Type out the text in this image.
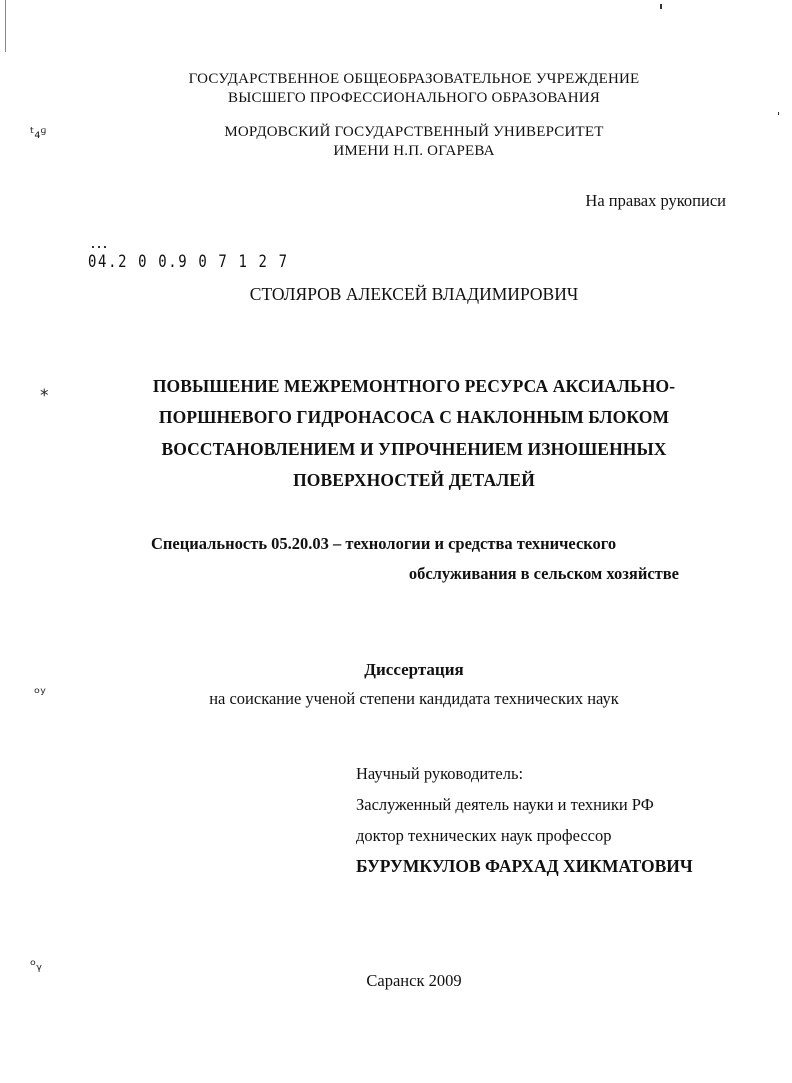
ᵗ₄ᶢ
*
ᵒʸ
ᵒᵧ
ГОСУДАРСТВЕННОЕ ОБЩЕОБРАЗОВАТЕЛЬНОЕ УЧРЕЖДЕНИЕ
ВЫСШЕГО ПРОФЕССИОНАЛЬНОГО ОБРАЗОВАНИЯ
МОРДОВСКИЙ ГОСУДАРСТВЕННЫЙ УНИВЕРСИТЕТ
ИМЕНИ Н.П. ОГАРЕВА
На правах рукописи
04.2 0 0.9 0 7 1 2 7
СТОЛЯРОВ АЛЕКСЕЙ ВЛАДИМИРОВИЧ
ПОВЫШЕНИЕ МЕЖРЕМОНТНОГО РЕСУРСА АКСИАЛЬНО-
ПОРШНЕВОГО ГИДРОНАСОСА С НАКЛОННЫМ БЛОКОМ
ВОССТАНОВЛЕНИЕМ И УПРОЧНЕНИЕМ ИЗНОШЕННЫХ
ПОВЕРХНОСТЕЙ ДЕТАЛЕЙ
Специальность 05.20.03 – технологии и средства технического
обслуживания в сельском хозяйстве
Диссертация
на соискание ученой степени кандидата технических наук
Научный руководитель:
Заслуженный деятель науки и техники РФ
доктор технических наук профессор
БУРУМКУЛОВ ФАРХАД ХИКМАТОВИЧ
Саранск 2009
